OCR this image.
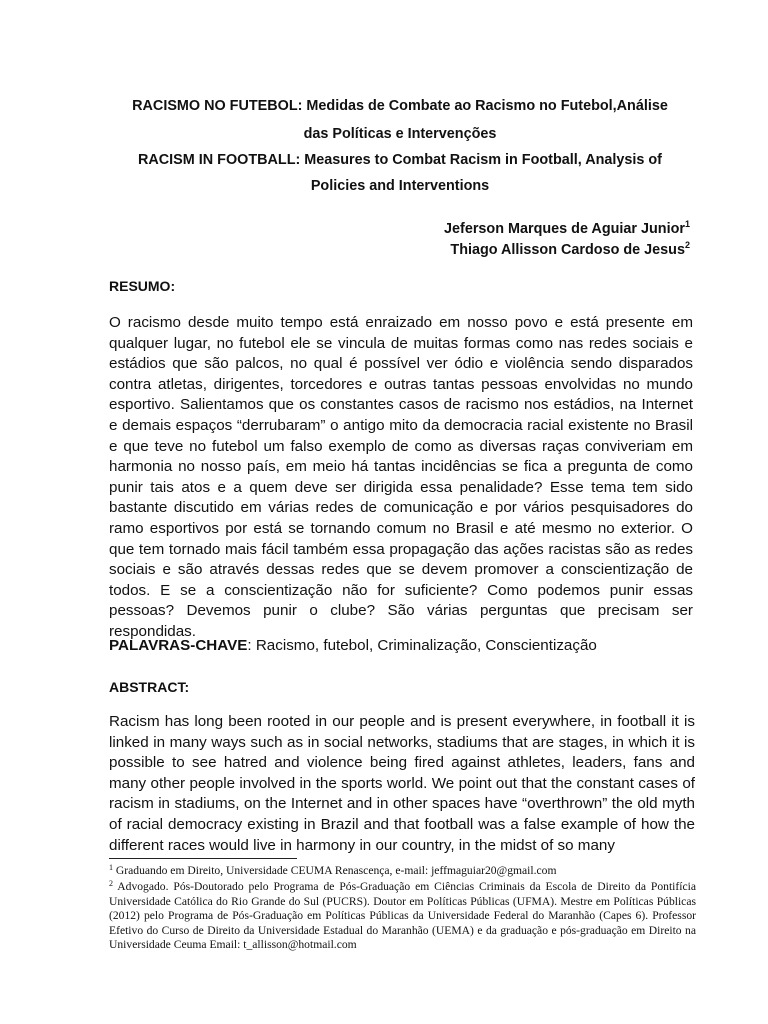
RACISMO NO FUTEBOL: Medidas de Combate ao Racismo no Futebol,Análise
das Políticas e Intervenções
RACISM IN FOOTBALL: Measures to Combat Racism in Football, Analysis of
Policies and Interventions
Jeferson Marques de Aguiar Junior$^1$
Thiago Allisson Cardoso de Jesus$^2$
RESUMO:

O racismo desde muito tempo está enraizado em nosso povo e está presente em qualquer lugar, no futebol ele se vincula de muitas formas como nas redes sociais e estádios que são palcos, no qual é possível ver ódio e violência sendo disparados contra atletas, dirigentes, torcedores e outras tantas pessoas envolvidas no mundo esportivo. Salientamos que os constantes casos de racismo nos estádios, na Internet e demais espaços “derrubaram” o antigo mito da democracia racial existente no Brasil e que teve no futebol um falso exemplo de como as diversas raças conviveriam em harmonia no nosso país, em meio há tantas incidências se fica a pregunta de como punir tais atos e a quem deve ser dirigida essa penalidade? Esse tema tem sido bastante discutido em várias redes de comunicação e por vários pesquisadores do ramo esportivos por está se tornando comum no Brasil e até mesmo no exterior. O que tem tornado mais fácil também essa propagação das ações racistas são as redes sociais e são através dessas redes que se devem promover a conscientização de todos. E se a conscientização não for suficiente? Como podemos punir essas pessoas? Devemos punir o clube? São várias perguntas que precisam ser respondidas.

PALAVRAS-CHAVE: Racismo, futebol, Criminalização, Conscientização
ABSTRACT:

Racism has long been rooted in our people and is present everywhere, in football it is linked in many ways such as in social networks, stadiums that are stages, in which it is possible to see hatred and violence being fired against athletes, leaders, fans and many other people involved in the sports world. We point out that the constant cases of racism in stadiums, on the Internet and in other spaces have “overthrown” the old myth of racial democracy existing in Brazil and that football was a false example of how the different races would live in harmony in our country, in the midst of so many

$^1$ Graduando em Direito, Universidade CEUMA Renascença, e-mail: jeffmaguiar20@gmail.com

$^2$ Advogado. Pós-Doutorado pelo Programa de Pós-Graduação em Ciências Criminais da Escola de Direito da Pontifícia Universidade Católica do Rio Grande do Sul (PUCRS). Doutor em Políticas Públicas (UFMA). Mestre em Políticas Públicas (2012) pelo Programa de Pós-Graduação em Políticas Públicas da Universidade Federal do Maranhão (Capes 6). Professor Efetivo do Curso de Direito da Universidade Estadual do Maranhão (UEMA) e da graduação e pós-graduação em Direito na Universidade Ceuma Email: t_allisson@hotmail.com
